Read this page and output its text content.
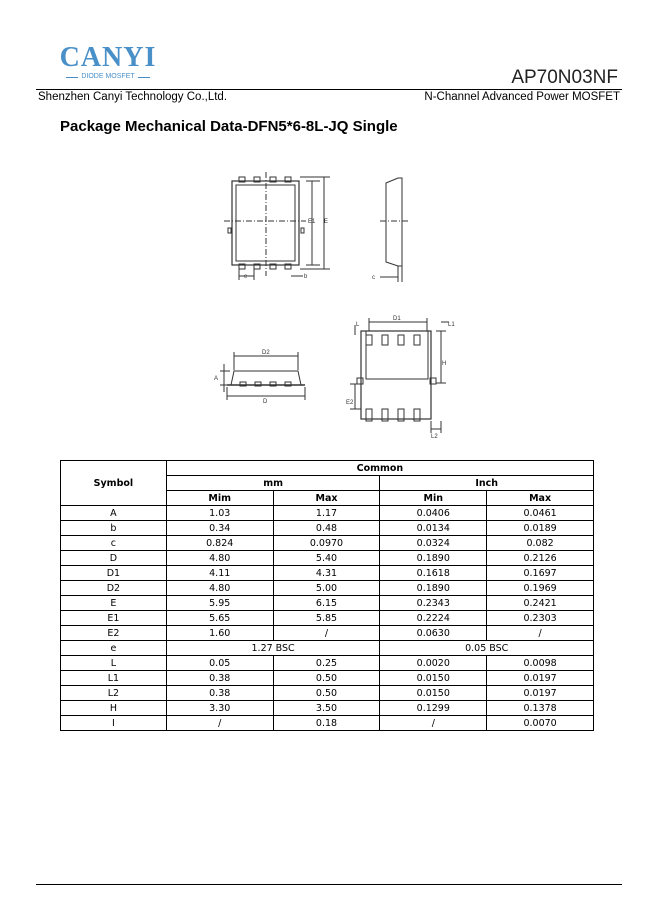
CANYI
DIODE MOSFET	AP70N03NF
Shenzhen Canyi Technology Co.,Ltd.	N-Channel Advanced Power MOSFET
Package Mechanical Data-DFN5*6-8L-JQ Single
E1 E
e	b	c
D1
L	L1
H
E2
L2
D2
A
D
Symbol	Common			
	mm		Inch	
	Mim	Max	Min	Max
A	1.03	1.17	0.0406	0.0461
b	0.34	0.48	0.0134	0.0189
c	0.824	0.0970	0.0324	0.082
D	4.80	5.40	0.1890	0.2126
D1	4.11	4.31	0.1618	0.1697
D2	4.80	5.00	0.1890	0.1969
E	5.95	6.15	0.2343	0.2421
E1	5.65	5.85	0.2224	0.2303
E2	1.60	/	0.0630	/
e	1.27 BSC		0.05 BSC	
L	0.05	0.25	0.0020	0.0098
L1	0.38	0.50	0.0150	0.0197
L2	0.38	0.50	0.0150	0.0197
H	3.30	3.50	0.1299	0.1378
I	/	0.18	/	0.0070
